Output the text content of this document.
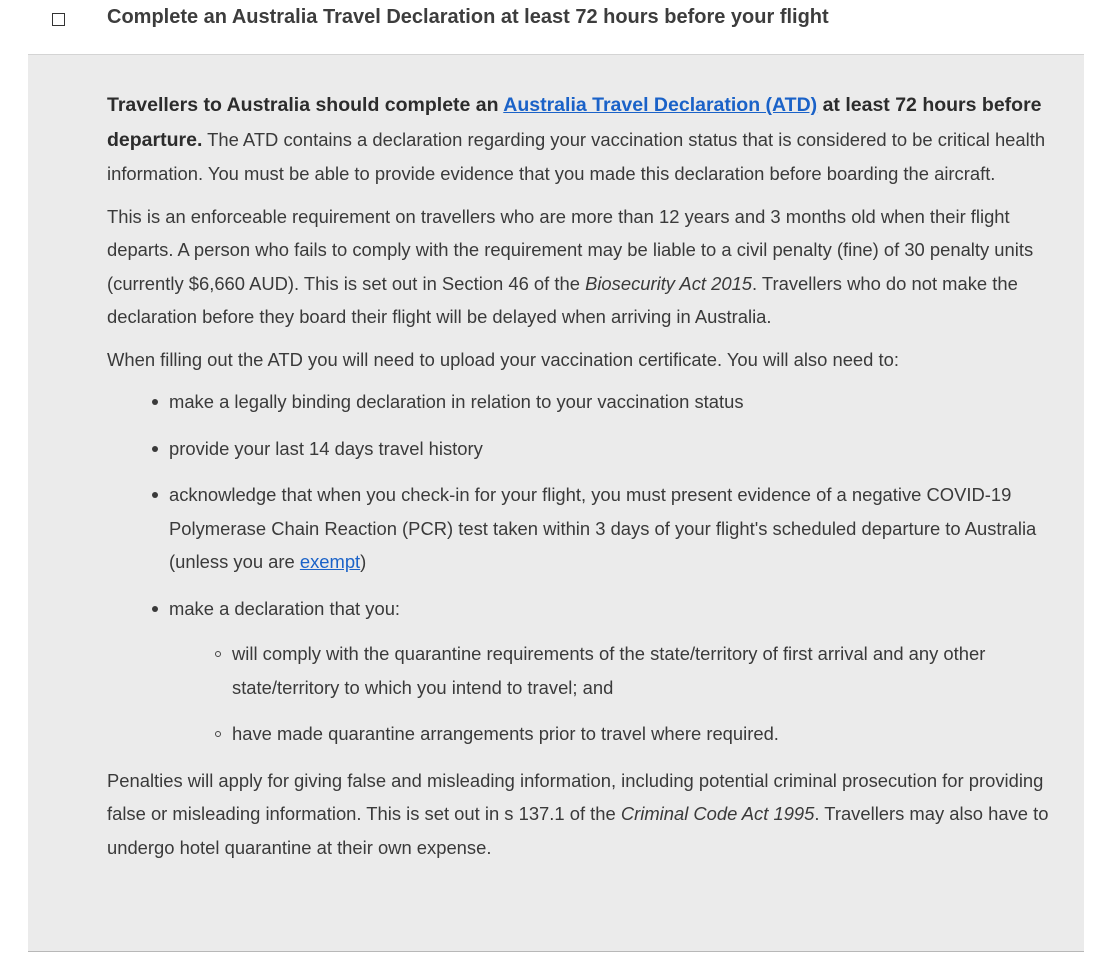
Complete an Australia Travel Declaration at least 72 hours before your flight

Travellers to Australia should complete an Australia Travel Declaration (ATD) at least 72 hours before departure. The ATD contains a declaration regarding your vaccination status that is considered to be critical health information. You must be able to provide evidence that you made this declaration before boarding the aircraft.

This is an enforceable requirement on travellers who are more than 12 years and 3 months old when their flight departs. A person who fails to comply with the requirement may be liable to a civil penalty (fine) of 30 penalty units (currently $6,660 AUD). This is set out in Section 46 of the Biosecurity Act 2015. Travellers who do not make the declaration before they board their flight will be delayed when arriving in Australia.

When filling out the ATD you will need to upload your vaccination certificate. You will also need to:

make a legally binding declaration in relation to your vaccination status
provide your last 14 days travel history
acknowledge that when you check-in for your flight, you must present evidence of a negative COVID-19 Polymerase Chain Reaction (PCR) test taken within 3 days of your flight's scheduled departure to Australia (unless you are exempt)
make a declaration that you:
will comply with the quarantine requirements of the state/territory of first arrival and any other state/territory to which you intend to travel; and
have made quarantine arrangements prior to travel where required.

Penalties will apply for giving false and misleading information, including potential criminal prosecution for providing false or misleading information. This is set out in s 137.1 of the Criminal Code Act 1995. Travellers may also have to undergo hotel quarantine at their own expense.
